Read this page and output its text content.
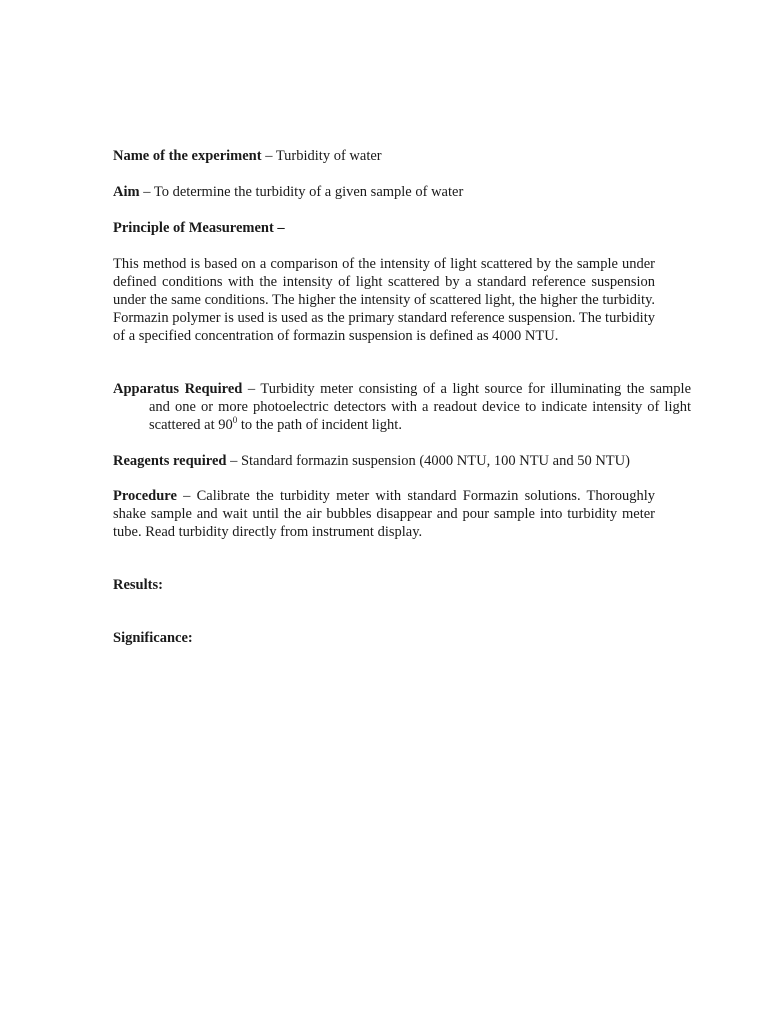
Name of the experiment – Turbidity of water

Aim – To determine the turbidity of a given sample of water

Principle of Measurement –

This method is based on a comparison of the intensity of light scattered by the sample under defined conditions with the intensity of light scattered by a standard reference suspension under the same conditions. The higher the intensity of scattered light, the higher the turbidity. Formazin polymer is used is used as the primary standard reference suspension. The turbidity of a specified concentration of formazin suspension is defined as 4000 NTU.

Apparatus Required – Turbidity meter consisting of a light source for illuminating the sample and one or more photoelectric detectors with a readout device to indicate intensity of light scattered at $90^0$ to the path of incident light.

Reagents required – Standard formazin suspension (4000 NTU, 100 NTU and 50 NTU)

Procedure – Calibrate the turbidity meter with standard Formazin solutions. Thoroughly shake sample and wait until the air bubbles disappear and pour sample into turbidity meter tube. Read turbidity directly from instrument display.

Results:

Significance:
